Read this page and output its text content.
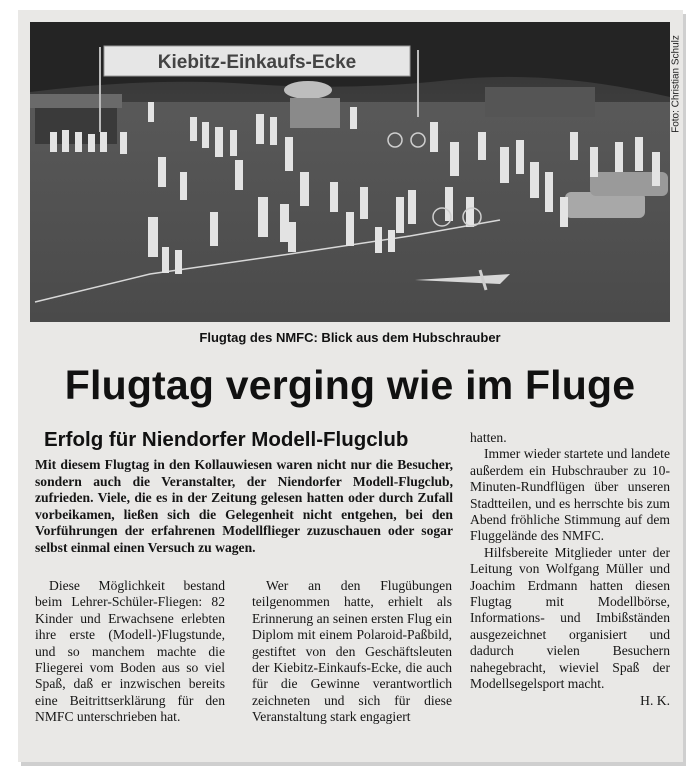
Kiebitz-Einkaufs-Ecke	Foto: Christian Schulz
Flugtag des NMFC: Blick aus dem Hubschrauber
Flugtag verging wie im Fluge
Erfolg für Niendorfer Modell-Flugclub
Mit diesem Flugtag in den Kollauwiesen waren nicht nur die Besucher, sondern auch die Veranstalter, der Niendorfer Modell-Flugclub, zufrieden. Viele, die es in der Zeitung gelesen hatten oder durch Zufall vorbeikamen, ließen sich die Gelegenheit nicht entgehen, bei den Vorführungen der erfahrenen Modellflieger zuzuschauen oder sogar selbst einmal einen Versuch zu wagen.

Diese Möglichkeit bestand beim Lehrer-Schüler-Fliegen: 82 Kinder und Erwachsene erlebten ihre erste (Modell-)Flugstunde, und so manchem machte die Fliegerei vom Boden aus so viel Spaß, daß er inzwischen bereits eine Beitrittserklärung für den NMFC unterschrieben hat.

Wer an den Flugübungen teilgenommen hatte, erhielt als Erinnerung an seinen ersten Flug ein Diplom mit einem Polaroid-Paßbild, gestiftet von den Geschäftsleuten der Kiebitz-Einkaufs-Ecke, die auch für die Gewinne verantwortlich zeichneten und sich für diese Veranstaltung stark engagiert

hatten.

Immer wieder startete und landete außerdem ein Hubschrauber zu 10-Minuten-Rundflügen über unseren Stadtteilen, und es herrschte bis zum Abend fröhliche Stimmung auf dem Fluggelände des NMFC.

Hilfsbereite Mitglieder unter der Leitung von Wolfgang Müller und Joachim Erdmann hatten diesen Flugtag mit Modellbörse, Informations- und Imbißständen ausgezeichnet organisiert und dadurch vielen Besuchern nahegebracht, wieviel Spaß der Modellsegelsport macht.

H. K.
